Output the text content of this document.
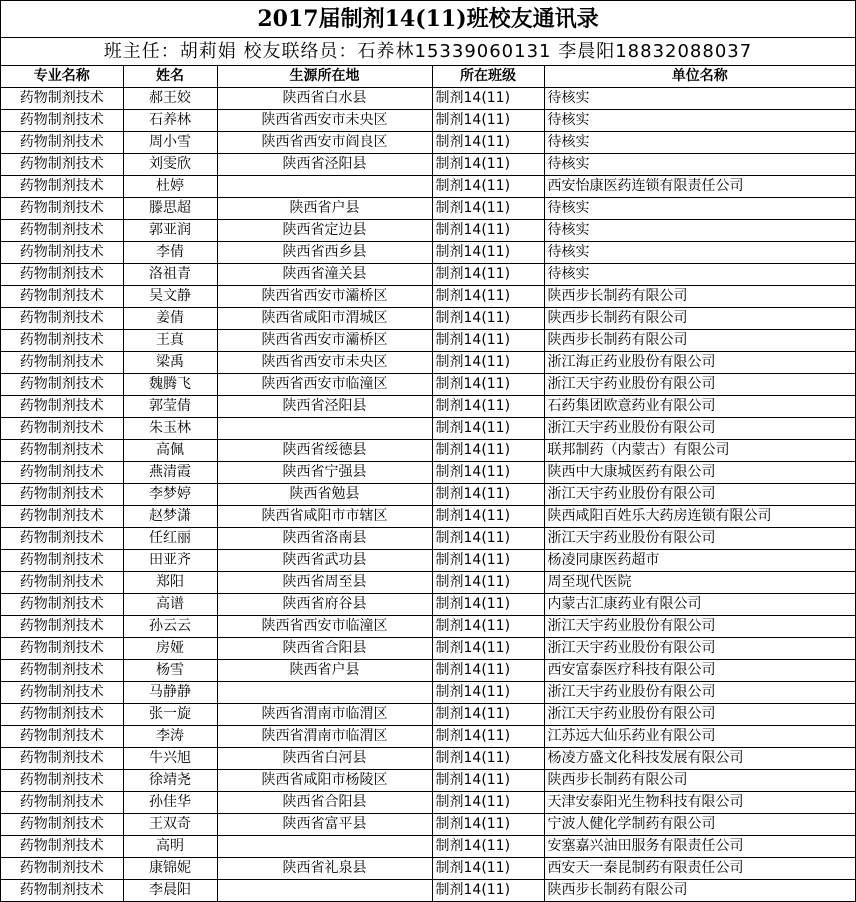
2017届制剂14(11)班校友通讯录
班主任：胡莉娟 校友联络员：石养林15339060131 李晨阳18832088037
专业名称	姓名	生源所在地	所在班级	单位名称
药物制剂技术	郝王姣	陕西省白水县	制剂14(11)	待核实
药物制剂技术	石养林	陕西省西安市未央区	制剂14(11)	待核实
药物制剂技术	周小雪	陕西省西安市阎良区	制剂14(11)	待核实
药物制剂技术	刘雯欣	陕西省泾阳县	制剂14(11)	待核实
药物制剂技术	杜婷		制剂14(11)	西安怡康医药连锁有限责任公司
药物制剂技术	滕思超	陕西省户县	制剂14(11)	待核实
药物制剂技术	郭亚润	陕西省定边县	制剂14(11)	待核实
药物制剂技术	李倩	陕西省西乡县	制剂14(11)	待核实
药物制剂技术	洛祖青	陕西省潼关县	制剂14(11)	待核实
药物制剂技术	吴文静	陕西省西安市灞桥区	制剂14(11)	陕西步长制药有限公司
药物制剂技术	姜倩	陕西省咸阳市渭城区	制剂14(11)	陕西步长制药有限公司
药物制剂技术	王真	陕西省西安市灞桥区	制剂14(11)	陕西步长制药有限公司
药物制剂技术	梁禹	陕西省西安市未央区	制剂14(11)	浙江海正药业股份有限公司
药物制剂技术	魏腾飞	陕西省西安市临潼区	制剂14(11)	浙江天宇药业股份有限公司
药物制剂技术	郭莹倩	陕西省泾阳县	制剂14(11)	石药集团欧意药业有限公司
药物制剂技术	朱玉林		制剂14(11)	浙江天宇药业股份有限公司
药物制剂技术	高佩	陕西省绥德县	制剂14(11)	联邦制药（内蒙古）有限公司
药物制剂技术	燕清霞	陕西省宁强县	制剂14(11)	陕西中大康城医药有限公司
药物制剂技术	李梦婷	陕西省勉县	制剂14(11)	浙江天宇药业股份有限公司
药物制剂技术	赵梦潇	陕西省咸阳市市辖区	制剂14(11)	陕西咸阳百姓乐大药房连锁有限公司
药物制剂技术	任红丽	陕西省洛南县	制剂14(11)	浙江天宇药业股份有限公司
药物制剂技术	田亚齐	陕西省武功县	制剂14(11)	杨凌同康医药超市
药物制剂技术	郑阳	陕西省周至县	制剂14(11)	周至现代医院
药物制剂技术	高谱	陕西省府谷县	制剂14(11)	内蒙古汇康药业有限公司
药物制剂技术	孙云云	陕西省西安市临潼区	制剂14(11)	浙江天宇药业股份有限公司
药物制剂技术	房娅	陕西省合阳县	制剂14(11)	浙江天宇药业股份有限公司
药物制剂技术	杨雪	陕西省户县	制剂14(11)	西安富泰医疗科技有限公司
药物制剂技术	马静静		制剂14(11)	浙江天宇药业股份有限公司
药物制剂技术	张一旋	陕西省渭南市临渭区	制剂14(11)	浙江天宇药业股份有限公司
药物制剂技术	李涛	陕西省渭南市临渭区	制剂14(11)	江苏远大仙乐药业有限公司
药物制剂技术	牛兴旭	陕西省白河县	制剂14(11)	杨凌方盛文化科技发展有限公司
药物制剂技术	徐靖尧	陕西省咸阳市杨陵区	制剂14(11)	陕西步长制药有限公司
药物制剂技术	孙佳华	陕西省合阳县	制剂14(11)	天津安泰阳光生物科技有限公司
药物制剂技术	王双奇	陕西省富平县	制剂14(11)	宁波人健化学制药有限公司
药物制剂技术	高明		制剂14(11)	安塞嘉兴油田服务有限责任公司
药物制剂技术	康锦妮	陕西省礼泉县	制剂14(11)	西安天一秦昆制药有限责任公司
药物制剂技术	李晨阳		制剂14(11)	陕西步长制药有限公司
